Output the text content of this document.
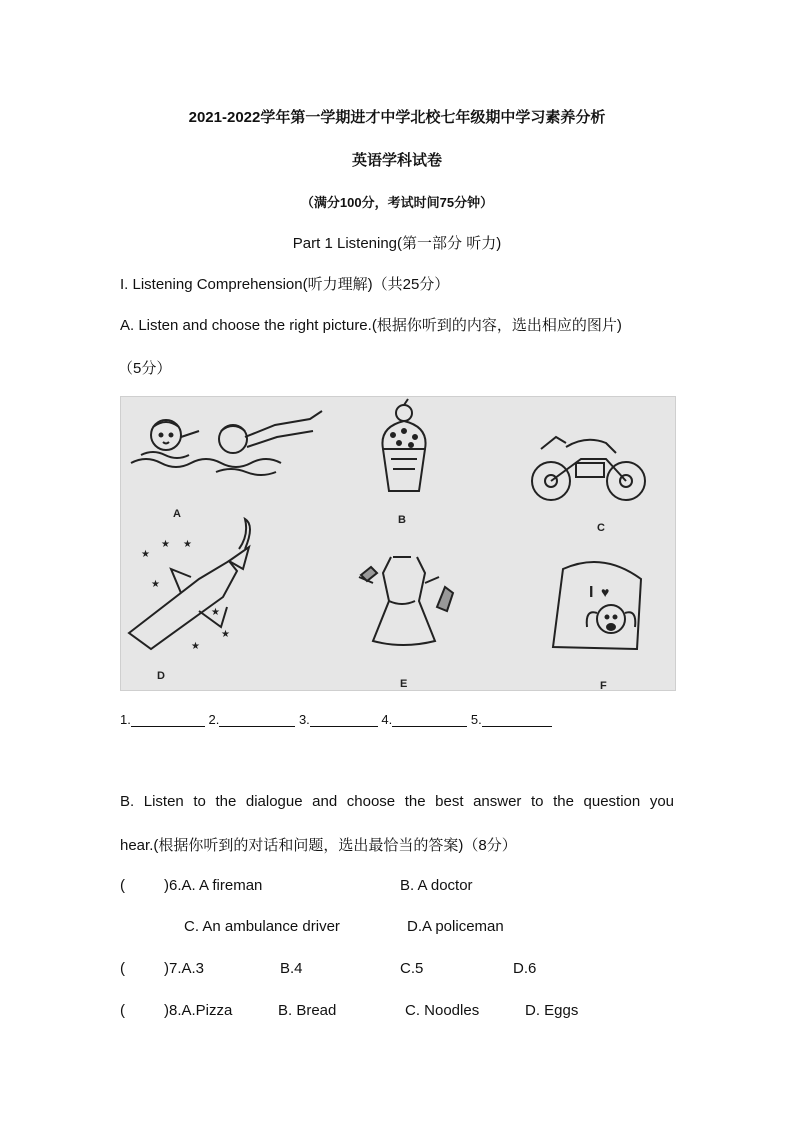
2021-2022学年第一学期进才中学北校七年级期中学习素养分析
英语学科试卷
（满分100分，考试时间75分钟）
Part 1 Listening(第一部分 听力)
I. Listening Comprehension(听力理解)（共25分）
A. Listen and choose the right picture.(根据你听到的内容，选出相应的图片)
（5分）
A	B
C
★
★
★
★
★
★
★
D
E
I ♥
F
1.	2.	3.	4.	5.
B. Listen to the dialogue and choose the best answer to the question you
hear.(根据你听到的对话和问题，选出最恰当的答案)（8分）
(	)6.A. A fireman	B. A doctor
C. An ambulance driver	D.A policeman
(	)7.A.3	B.4	C.5	D.6
(	)8.A.Pizza	B. Bread	C. Noodles	D. Eggs
